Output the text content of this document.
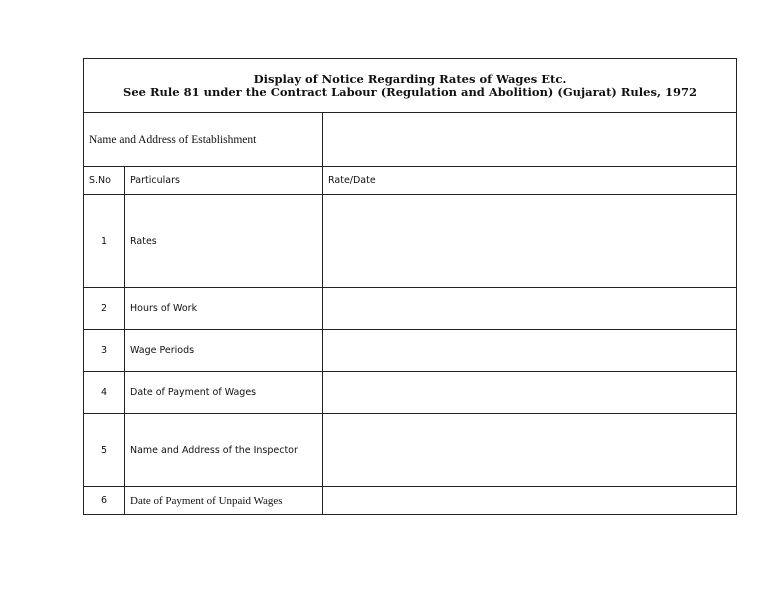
Display of Notice Regarding Rates of Wages Etc.
See Rule 81 under the Contract Labour (Regulation and Abolition) (Gujarat) Rules, 1972		

Name and Address of Establishment		
S.No	Particulars	Rate/Date
1	Rates	
2	Hours of Work	
3	Wage Periods	
4	Date of Payment of Wages	
5	Name and Address of the Inspector	
6	Date of Payment of Unpaid Wages	
